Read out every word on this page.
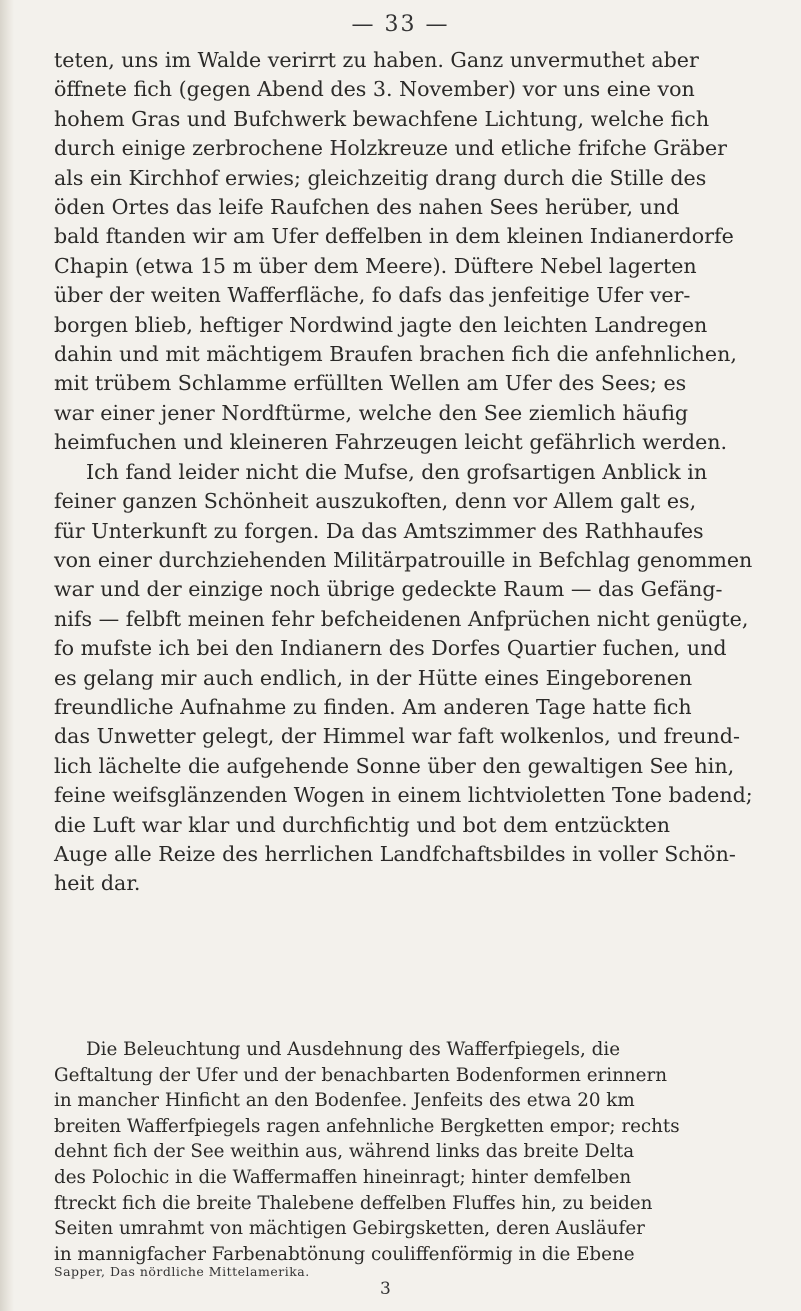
— 33 —
teten, uns im Walde verirrt zu haben. Ganz unvermuthet aber
öffnete fich (gegen Abend des 3. November) vor uns eine von
hohem Gras und Bufchwerk bewachfene Lichtung, welche fich
durch einige zerbrochene Holzkreuze und etliche frifche Gräber
als ein Kirchhof erwies; gleichzeitig drang durch die Stille des
öden Ortes das leife Raufchen des nahen Sees herüber, und
bald ftanden wir am Ufer deffelben in dem kleinen Indianerdorfe
Chapin (etwa 15 m über dem Meere). Düftere Nebel lagerten
über der weiten Wafferfläche, fo dafs das jenfeitige Ufer ver-
borgen blieb, heftiger Nordwind jagte den leichten Landregen
dahin und mit mächtigem Braufen brachen fich die anfehnlichen,
mit trübem Schlamme erfüllten Wellen am Ufer des Sees; es
war einer jener Nordftürme, welche den See ziemlich häufig
heimfuchen und kleineren Fahrzeugen leicht gefährlich werden.
Ich fand leider nicht die Mufse, den grofsartigen Anblick in
feiner ganzen Schönheit auszukoften, denn vor Allem galt es,
für Unterkunft zu forgen. Da das Amtszimmer des Rathhaufes
von einer durchziehenden Militärpatrouille in Befchlag genommen
war und der einzige noch übrige gedeckte Raum — das Gefäng-
nifs — felbft meinen fehr befcheidenen Anfprüchen nicht genügte,
fo mufste ich bei den Indianern des Dorfes Quartier fuchen, und
es gelang mir auch endlich, in der Hütte eines Eingeborenen
freundliche Aufnahme zu finden. Am anderen Tage hatte fich
das Unwetter gelegt, der Himmel war faft wolkenlos, und freund-
lich lächelte die aufgehende Sonne über den gewaltigen See hin,
feine weifsglänzenden Wogen in einem lichtvioletten Tone badend;
die Luft war klar und durchfichtig und bot dem entzückten
Auge alle Reize des herrlichen Landfchaftsbildes in voller Schön-
heit dar.
Die Beleuchtung und Ausdehnung des Wafferfpiegels, die
Geftaltung der Ufer und der benachbarten Bodenformen erinnern
in mancher Hinficht an den Bodenfee. Jenfeits des etwa 20 km
breiten Wafferfpiegels ragen anfehnliche Bergketten empor; rechts
dehnt fich der See weithin aus, während links das breite Delta
des Polochic in die Waffermaffen hineinragt; hinter demfelben
ftreckt fich die breite Thalebene deffelben Fluffes hin, zu beiden
Seiten umrahmt von mächtigen Gebirgsketten, deren Ausläufer
in mannigfacher Farbenabtönung couliffenförmig in die Ebene
Sapper, Das nördliche Mittelamerika.
3
